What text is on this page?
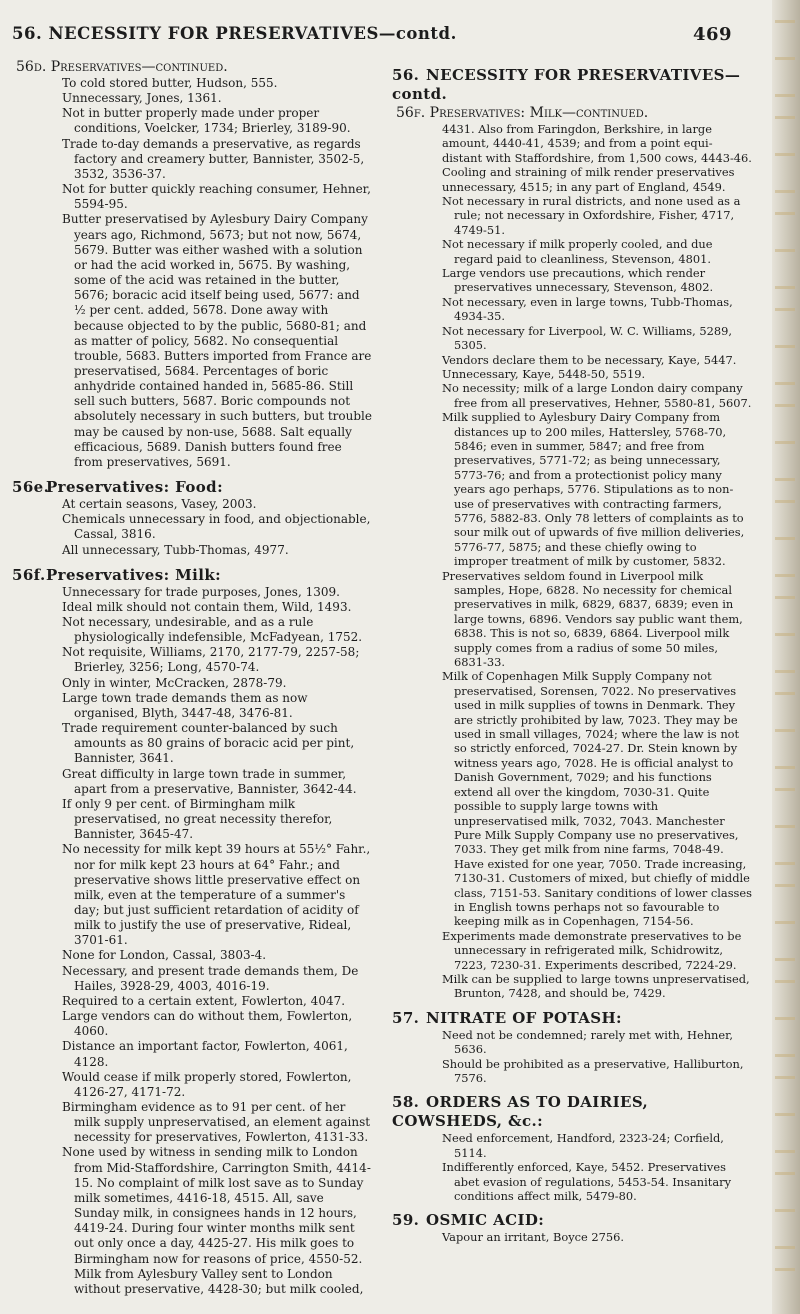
56. NECESSITY FOR PRESERVATIVES—contd.	469

56d. Preservatives—continued.

To cold stored butter, Hudson, 555.

Unnecessary, Jones, 1361.

Not in butter properly made under proper conditions, Voelcker, 1734; Brierley, 3189-90.

Trade to-day demands a preservative, as regards factory and creamery butter, Bannister, 3502-5, 3532, 3536-37.

Not for butter quickly reaching consumer, Hehner, 5594-95.

Butter preservatised by Aylesbury Dairy Company years ago, Richmond, 5673; but not now, 5674, 5679. Butter was either washed with a solution or had the acid worked in, 5675. By washing, some of the acid was retained in the butter, 5676; boracic acid itself being used, 5677: and ½ per cent. added, 5678. Done away with because objected to by the public, 5680-81; and as matter of policy, 5682. No consequential trouble, 5683. Butters imported from France are preservatised, 5684. Percentages of boric anhydride contained handed in, 5685-86. Still sell such butters, 5687. Boric compounds not absolutely necessary in such butters, but trouble may be caused by non-use, 5688. Salt equally efficacious, 5689. Danish butters found free from preservatives, 5691.

56e.Preservatives: Food:

At certain seasons, Vasey, 2003.

Chemicals unnecessary in food, and objectionable, Cassal, 3816.

All unnecessary, Tubb-Thomas, 4977.

56f.Preservatives: Milk:

Unnecessary for trade purposes, Jones, 1309.

Ideal milk should not contain them, Wild, 1493.

Not necessary, undesirable, and as a rule physiologically indefensible, McFadyean, 1752.

Not requisite, Williams, 2170, 2177-79, 2257-58; Brierley, 3256; Long, 4570-74.

Only in winter, McCracken, 2878-79.

Large town trade demands them as now organised, Blyth, 3447-48, 3476-81.

Trade requirement counter-balanced by such amounts as 80 grains of boracic acid per pint, Bannister, 3641.

Great difficulty in large town trade in summer, apart from a preservative, Bannister, 3642-44.

If only 9 per cent. of Birmingham milk preservatised, no great necessity therefor, Bannister, 3645-47.

No necessity for milk kept 39 hours at 55½° Fahr., nor for milk kept 23 hours at 64° Fahr.; and preservative shows little preservative effect on milk, even at the temperature of a summer's day; but just sufficient retardation of acidity of milk to justify the use of preservative, Rideal, 3701-61.

None for London, Cassal, 3803-4.

Necessary, and present trade demands them, De Hailes, 3928-29, 4003, 4016-19.

Required to a certain extent, Fowlerton, 4047.

Large vendors can do without them, Fowlerton, 4060.

Distance an important factor, Fowlerton, 4061, 4128.

Would cease if milk properly stored, Fowlerton, 4126-27, 4171-72.

Birmingham evidence as to 91 per cent. of her milk supply unpreservatised, an element against necessity for preservatives, Fowlerton, 4131-33.

None used by witness in sending milk to London from Mid-Staffordshire, Carrington Smith, 4414-15. No complaint of milk lost save as to Sunday milk sometimes, 4416-18, 4515. All, save Sunday milk, in consignees hands in 12 hours, 4419-24. During four winter months milk sent out only once a day, 4425-27. His milk goes to Birmingham now for reasons of price, 4550-52. Milk from Aylesbury Valley sent to London without preservative, 4428-30; but milk cooled,

56. NECESSITY FOR PRESERVATIVES—contd.

56f. Preservatives: Milk—continued.

4431. Also from Faringdon, Berkshire, in large amount, 4440-41, 4539; and from a point equi-distant with Staffordshire, from 1,500 cows, 4443-46. Cooling and straining of milk render preservatives unnecessary, 4515; in any part of England, 4549.

Not necessary in rural districts, and none used as a rule; not necessary in Oxfordshire, Fisher, 4717, 4749-51.

Not necessary if milk properly cooled, and due regard paid to cleanliness, Stevenson, 4801.

Large vendors use precautions, which render preservatives unnecessary, Stevenson, 4802.

Not necessary, even in large towns, Tubb-Thomas, 4934-35.

Not necessary for Liverpool, W. C. Williams, 5289, 5305.

Vendors declare them to be necessary, Kaye, 5447.

Unnecessary, Kaye, 5448-50, 5519.

No necessity; milk of a large London dairy company free from all preservatives, Hehner, 5580-81, 5607.

Milk supplied to Aylesbury Dairy Company from distances up to 200 miles, Hattersley, 5768-70, 5846; even in summer, 5847; and free from preservatives, 5771-72; as being unnecessary, 5773-76; and from a protectionist policy many years ago perhaps, 5776. Stipulations as to non-use of preservatives with contracting farmers, 5776, 5882-83. Only 78 letters of complaints as to sour milk out of upwards of five million deliveries, 5776-77, 5875; and these chiefly owing to improper treatment of milk by customer, 5832.

Preservatives seldom found in Liverpool milk samples, Hope, 6828. No necessity for chemical preservatives in milk, 6829, 6837, 6839; even in large towns, 6896. Vendors say public want them, 6838. This is not so, 6839, 6864. Liverpool milk supply comes from a radius of some 50 miles, 6831-33.

Milk of Copenhagen Milk Supply Company not preservatised, Sorensen, 7022. No preservatives used in milk supplies of towns in Denmark. They are strictly prohibited by law, 7023. They may be used in small villages, 7024; where the law is not so strictly enforced, 7024-27. Dr. Stein known by witness years ago, 7028. He is official analyst to Danish Government, 7029; and his functions extend all over the kingdom, 7030-31. Quite possible to supply large towns with unpreservatised milk, 7032, 7043. Manchester Pure Milk Supply Company use no preservatives, 7033. They get milk from nine farms, 7048-49. Have existed for one year, 7050. Trade increasing, 7130-31. Customers of mixed, but chiefly of middle class, 7151-53. Sanitary conditions of lower classes in English towns perhaps not so favourable to keeping milk as in Copenhagen, 7154-56.

Experiments made demonstrate preservatives to be unnecessary in refrigerated milk, Schidrowitz, 7223, 7230-31. Experiments described, 7224-29.

Milk can be supplied to large towns unpreservatised, Brunton, 7428, and should be, 7429.

57. NITRATE OF POTASH:

Need not be condemned; rarely met with, Hehner, 5636.

Should be prohibited as a preservative, Halliburton, 7576.

58. ORDERS AS TO DAIRIES, COWSHEDS, &c.:

Need enforcement, Handford, 2323-24; Corfield, 5114.

Indifferently enforced, Kaye, 5452. Preservatives abet evasion of regulations, 5453-54. Insanitary conditions affect milk, 5479-80.

59. OSMIC ACID:

Vapour an irritant, Boyce 2756.
